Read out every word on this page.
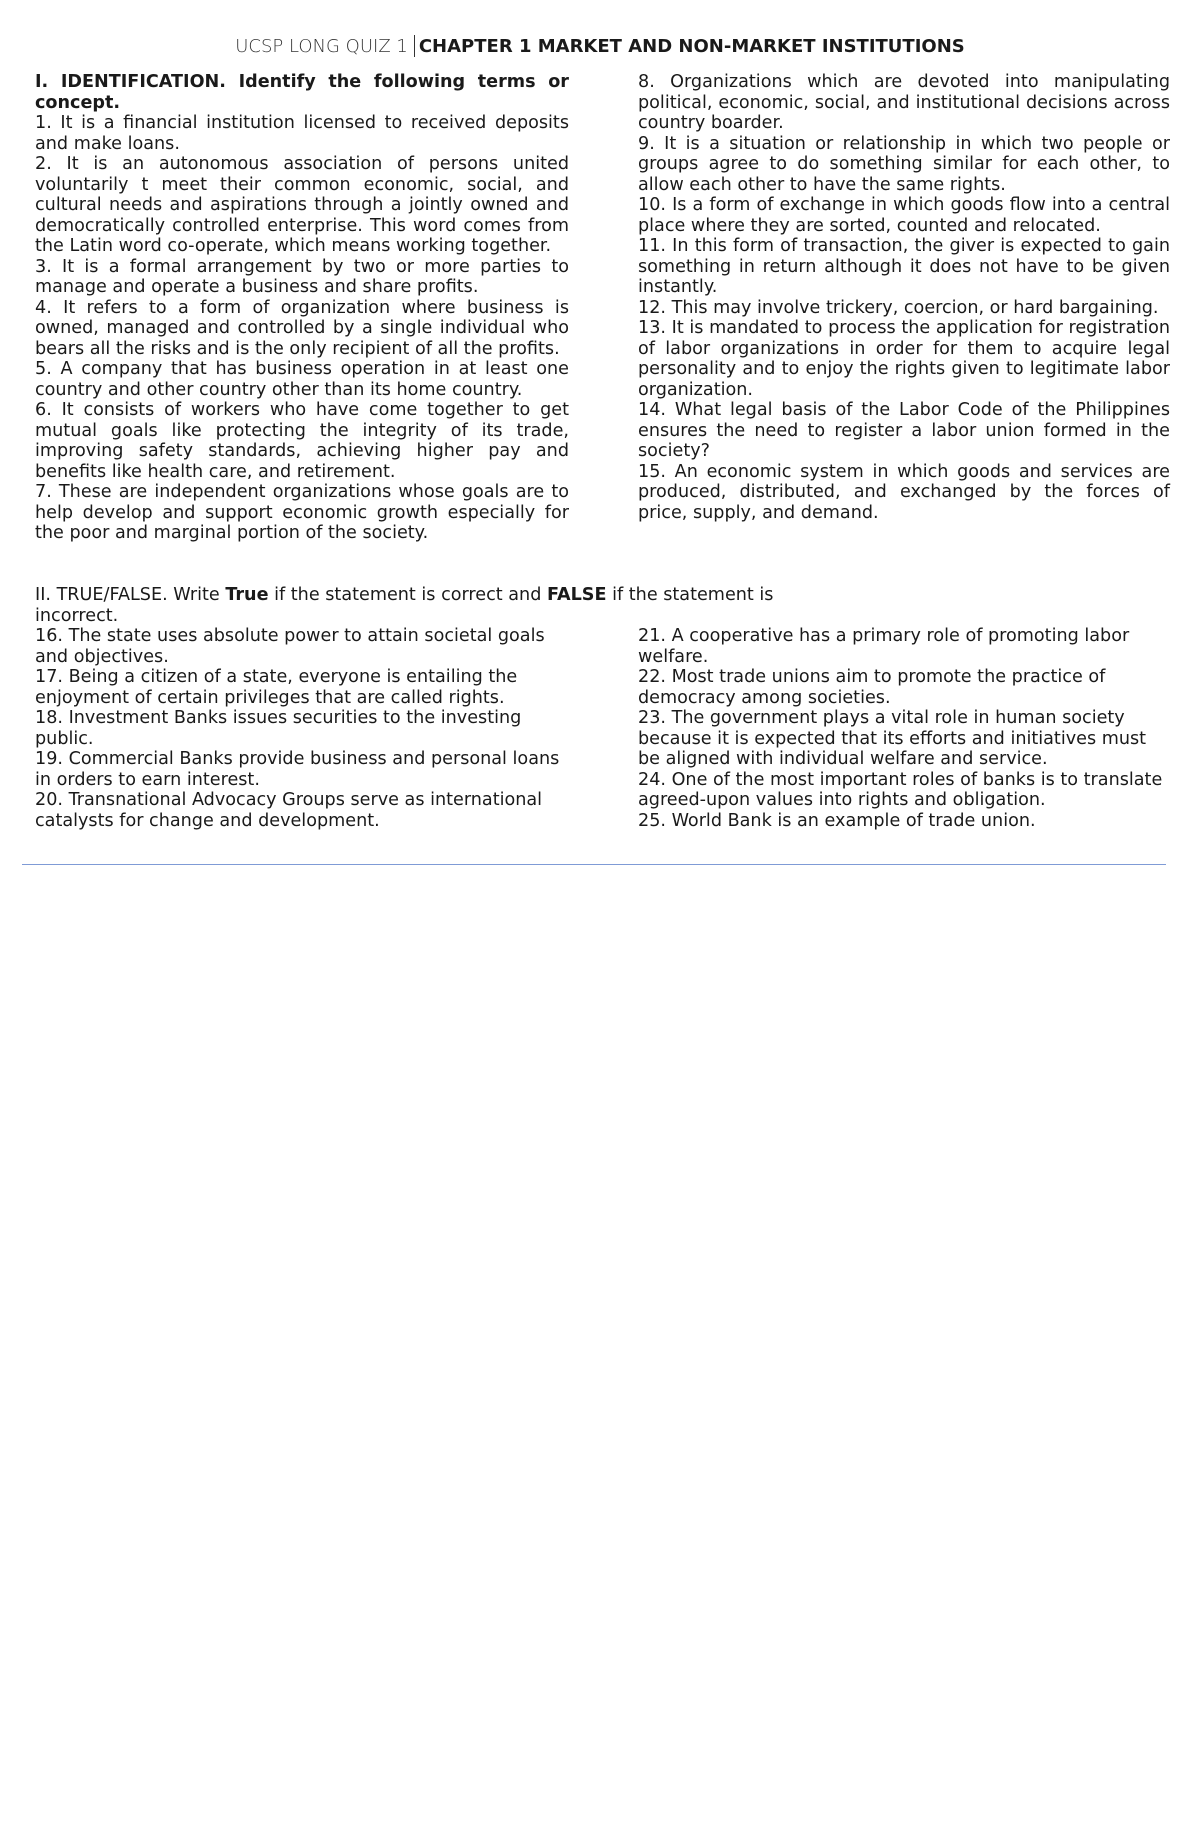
UCSP LONG QUIZ 1 CHAPTER 1 MARKET AND NON-MARKET INSTITUTIONS

I. IDENTIFICATION. Identify the following terms or concept.

1. It is a financial institution licensed to received deposits and make loans.

2. It is an autonomous association of persons united voluntarily t meet their common economic, social, and cultural needs and aspirations through a jointly owned and democratically controlled enterprise. This word comes from the Latin word co-operate, which means working together.

3. It is a formal arrangement by two or more parties to manage and operate a business and share profits.

4. It refers to a form of organization where business is owned, managed and controlled by a single individual who bears all the risks and is the only recipient of all the profits.

5. A company that has business operation in at least one country and other country other than its home country.

6. It consists of workers who have come together to get mutual goals like protecting the integrity of its trade, improving safety standards, achieving higher pay and benefits like health care, and retirement.

7. These are independent organizations whose goals are to help develop and support economic growth especially for the poor and marginal portion of the society.

8. Organizations which are devoted into manipulating political, economic, social, and institutional decisions across country boarder.

9. It is a situation or relationship in which two people or groups agree to do something similar for each other, to allow each other to have the same rights.

10. Is a form of exchange in which goods flow into a central place where they are sorted, counted and relocated.

11. In this form of transaction, the giver is expected to gain something in return although it does not have to be given instantly.

12. This may involve trickery, coercion, or hard bargaining.

13. It is mandated to process the application for registration of labor organizations in order for them to acquire legal personality and to enjoy the rights given to legitimate labor organization.

14. What legal basis of the Labor Code of the Philippines ensures the need to register a labor union formed in the society?

15. An economic system in which goods and services are produced, distributed, and exchanged by the forces of price, supply, and demand.

II. TRUE/FALSE. Write True if the statement is correct and FALSE if the statement is incorrect.

16. The state uses absolute power to attain societal goals and objectives.

17. Being a citizen of a state, everyone is entailing the enjoyment of certain privileges that are called rights.

18. Investment Banks issues securities to the investing public.

19. Commercial Banks provide business and personal loans in orders to earn interest.

20. Transnational Advocacy Groups serve as international catalysts for change and development.

21. A cooperative has a primary role of promoting labor welfare.

22. Most trade unions aim to promote the practice of democracy among societies.

23. The government plays a vital role in human society because it is expected that its efforts and initiatives must be aligned with individual welfare and service.

24. One of the most important roles of banks is to translate agreed-upon values into rights and obligation.

25. World Bank is an example of trade union.
